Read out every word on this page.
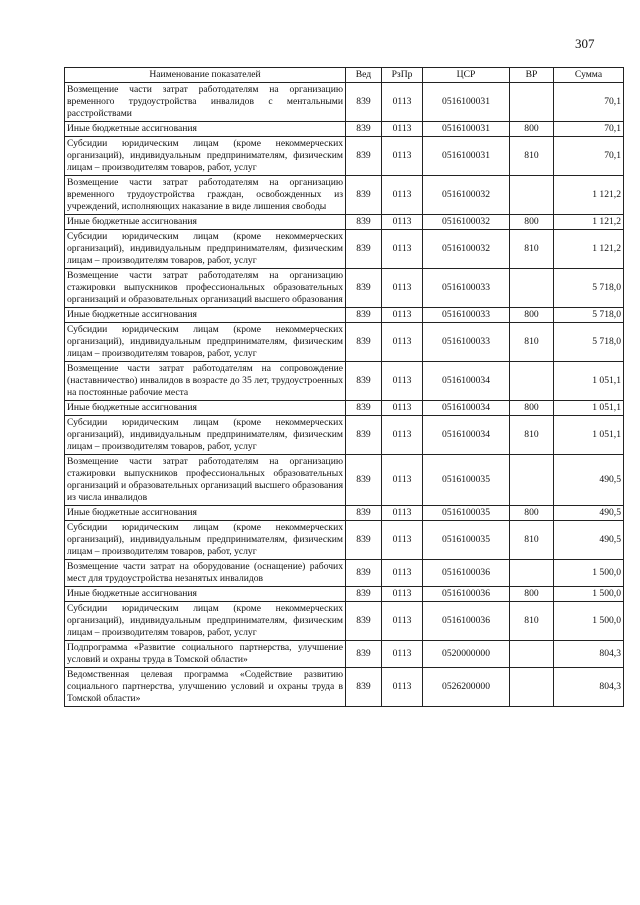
307
Наименование показателей	Вед	РзПр	ЦСР	ВР	Сумма
Возмещение части затрат работодателям на организацию временного трудоустройства инвалидов с ментальными расстройствами	839	0113	0516100031		70,1
Иные бюджетные ассигнования	839	0113	0516100031	800	70,1
Субсидии юридическим лицам (кроме некоммерческих организаций), индивидуальным предпринимателям, физическим лицам – производителям товаров, работ, услуг	839	0113	0516100031	810	70,1
Возмещение части затрат работодателям на организацию временного трудоустройства граждан, освобожденных из учреждений, исполняющих наказание в виде лишения свободы	839	0113	0516100032		1 121,2
Иные бюджетные ассигнования	839	0113	0516100032	800	1 121,2
Субсидии юридическим лицам (кроме некоммерческих организаций), индивидуальным предпринимателям, физическим лицам – производителям товаров, работ, услуг	839	0113	0516100032	810	1 121,2
Возмещение части затрат работодателям на организацию стажировки выпускников профессиональных образовательных организаций и образовательных организаций высшего образования	839	0113	0516100033		5 718,0
Иные бюджетные ассигнования	839	0113	0516100033	800	5 718,0
Субсидии юридическим лицам (кроме некоммерческих организаций), индивидуальным предпринимателям, физическим лицам – производителям товаров, работ, услуг	839	0113	0516100033	810	5 718,0
Возмещение части затрат работодателям на сопровождение (наставничество) инвалидов в возрасте до 35 лет, трудоустроенных на постоянные рабочие места	839	0113	0516100034		1 051,1
Иные бюджетные ассигнования	839	0113	0516100034	800	1 051,1
Субсидии юридическим лицам (кроме некоммерческих организаций), индивидуальным предпринимателям, физическим лицам – производителям товаров, работ, услуг	839	0113	0516100034	810	1 051,1
Возмещение части затрат работодателям на организацию стажировки выпускников профессиональных образовательных организаций и образовательных организаций высшего образования из числа инвалидов	839	0113	0516100035		490,5
Иные бюджетные ассигнования	839	0113	0516100035	800	490,5
Субсидии юридическим лицам (кроме некоммерческих организаций), индивидуальным предпринимателям, физическим лицам – производителям товаров, работ, услуг	839	0113	0516100035	810	490,5
Возмещение части затрат на оборудование (оснащение) рабочих мест для трудоустройства незанятых инвалидов	839	0113	0516100036		1 500,0
Иные бюджетные ассигнования	839	0113	0516100036	800	1 500,0
Субсидии юридическим лицам (кроме некоммерческих организаций), индивидуальным предпринимателям, физическим лицам – производителям товаров, работ, услуг	839	0113	0516100036	810	1 500,0
Подпрограмма «Развитие социального партнерства, улучшение условий и охраны труда в Томской области»	839	0113	0520000000		804,3
Ведомственная целевая программа «Содействие развитию социального партнерства, улучшению условий и охраны труда в Томской области»	839	0113	0526200000		804,3
